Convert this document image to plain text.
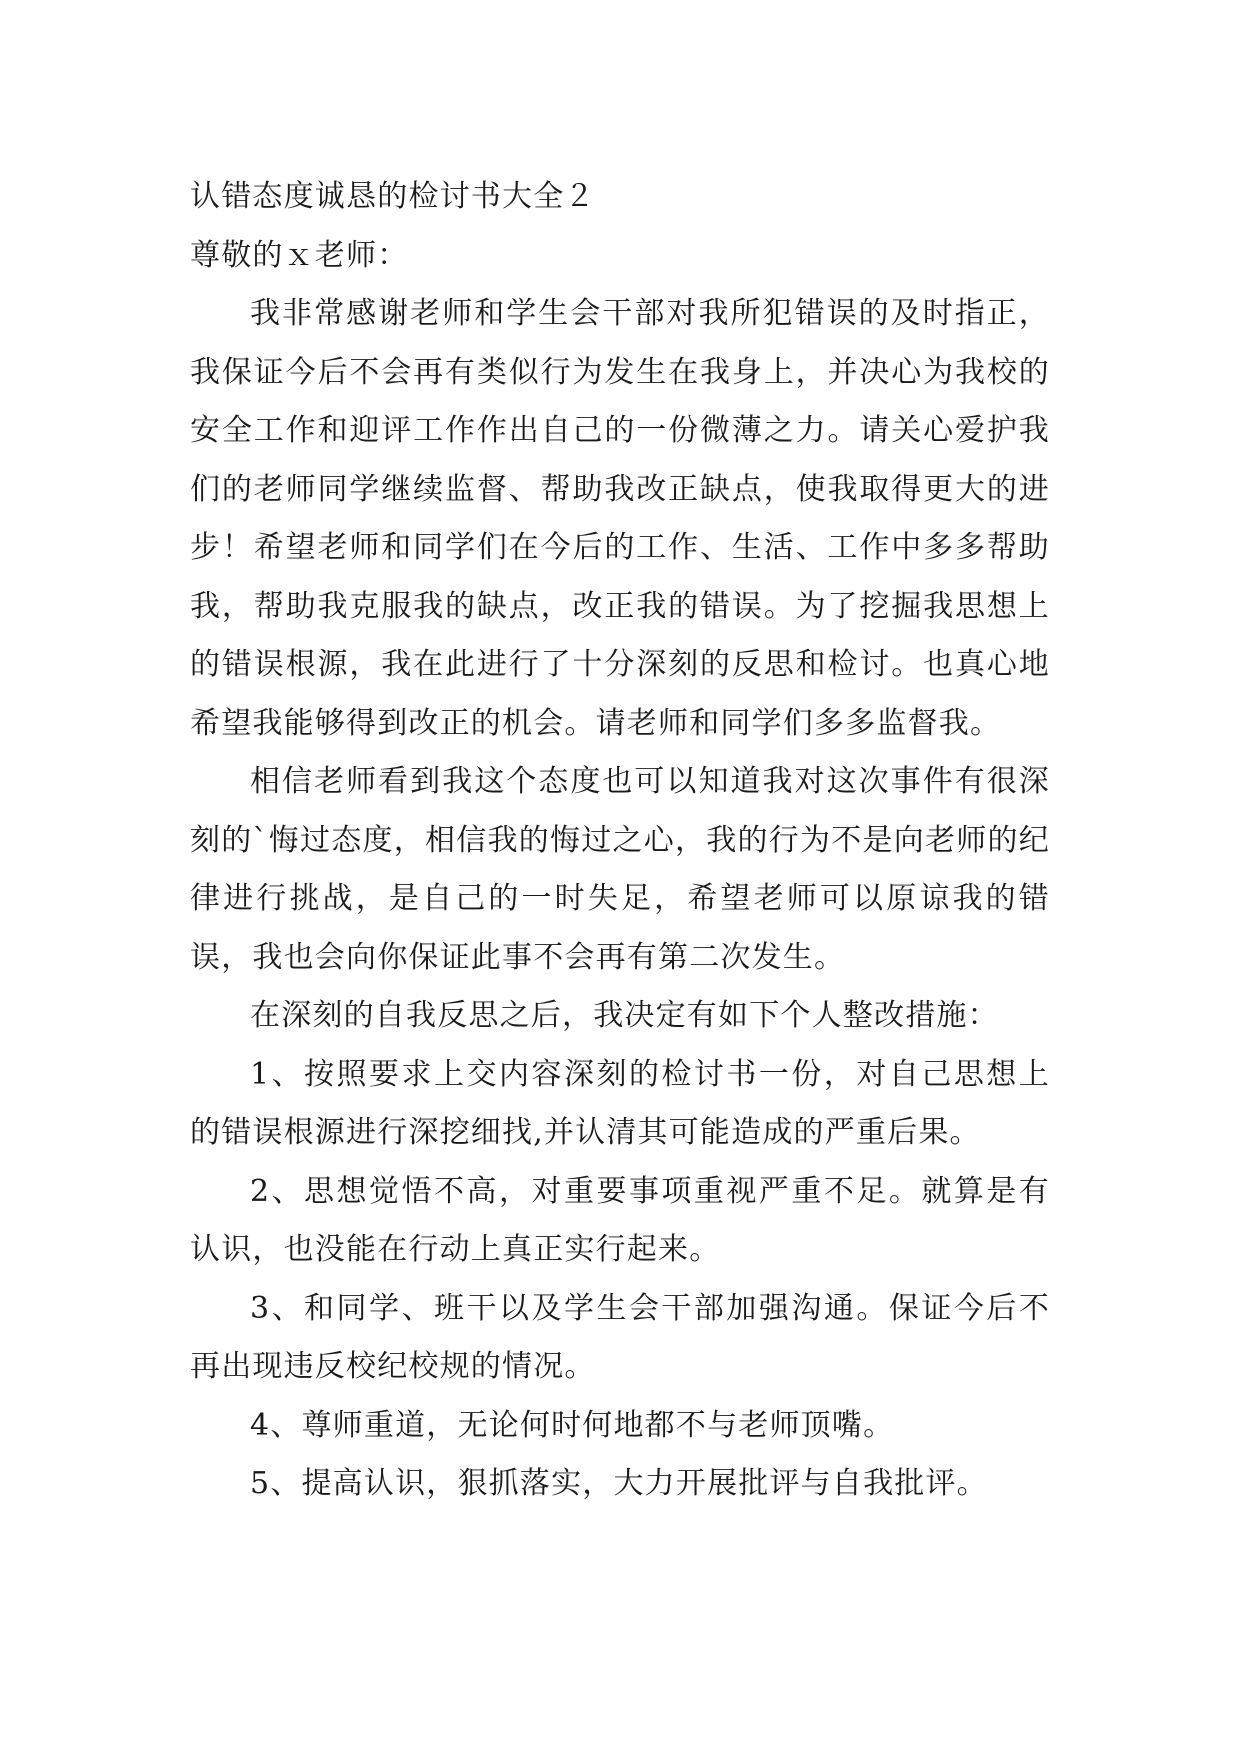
认错态度诚恳的检讨书大全２

尊敬的ｘ老师：

我非常感谢老师和学生会干部对我所犯错误的及时指正，我保证今后不会再有类似行为发生在我身上，并决心为我校的安全工作和迎评工作作出自己的一份微薄之力。请关心爱护我们的老师同学继续监督、帮助我改正缺点，使我取得更大的进步！希望老师和同学们在今后的工作、生活、工作中多多帮助我，帮助我克服我的缺点，改正我的错误。为了挖掘我思想上的错误根源，我在此进行了十分深刻的反思和检讨。也真心地希望我能够得到改正的机会。请老师和同学们多多监督我。

相信老师看到我这个态度也可以知道我对这次事件有很深刻的`悔过态度，相信我的悔过之心，我的行为不是向老师的纪律进行挑战，是自己的一时失足，希望老师可以原谅我的错误，我也会向你保证此事不会再有第二次发生。

在深刻的自我反思之后，我决定有如下个人整改措施：

1、按照要求上交内容深刻的检讨书一份，对自己思想上的错误根源进行深挖细找,并认清其可能造成的严重后果。

2、思想觉悟不高，对重要事项重视严重不足。就算是有认识，也没能在行动上真正实行起来。

3、和同学、班干以及学生会干部加强沟通。保证今后不再出现违反校纪校规的情况。

4、尊师重道，无论何时何地都不与老师顶嘴。

5、提高认识，狠抓落实，大力开展批评与自我批评。
